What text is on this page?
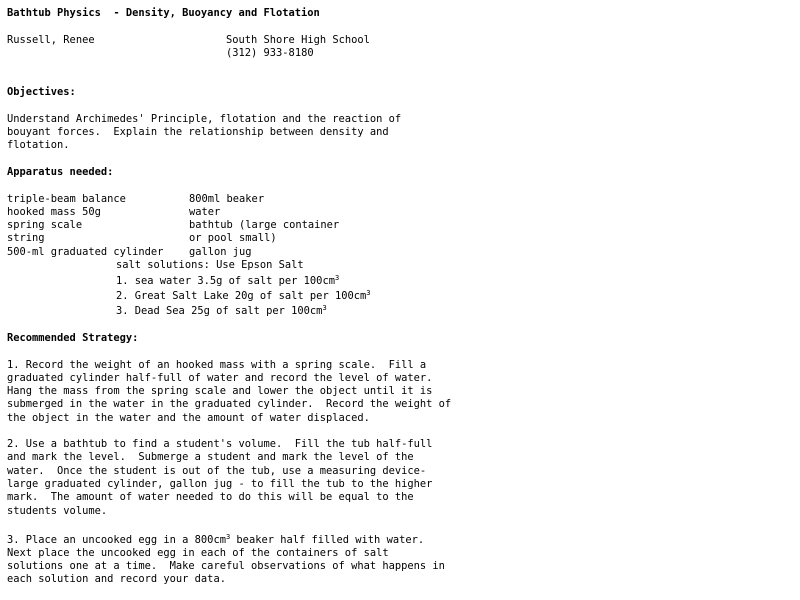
Bathtub Physics  - Density, Buoyancy and Flotation
Russell, Renee	South Shore High School
(312) 933-8180
Objectives:
Understand Archimedes' Principle, flotation and the reaction of
bouyant forces.  Explain the relationship between density and
flotation.
Apparatus needed:
triple-beam balance
hooked mass 50g
spring scale
string
500-ml graduated cylinder
800ml beaker
water
bathtub (large container
or pool small)
gallon jug
salt solutions: Use Epson Salt
1. sea water 3.5g of salt per $100cm^3$
2. Great Salt Lake 20g of salt per $100cm^3$
3. Dead Sea 25g of salt per $100cm^3$
Recommended Strategy:
1. Record the weight of an hooked mass with a spring scale.  Fill a
graduated cylinder half-full of water and record the level of water.
Hang the mass from the spring scale and lower the object until it is
submerged in the water in the graduated cylinder.  Record the weight of
the object in the water and the amount of water displaced.
2. Use a bathtub to find a student's volume.  Fill the tub half-full
and mark the level.  Submerge a student and mark the level of the
water.  Once the student is out of the tub, use a measuring device-
large graduated cylinder, gallon jug - to fill the tub to the higher
mark.  The amount of water needed to do this will be equal to the
students volume.
3. Place an uncooked egg in a $800cm^3$ beaker half filled with water.
Next place the uncooked egg in each of the containers of salt
solutions one at a time.  Make careful observations of what happens in
each solution and record your data.
